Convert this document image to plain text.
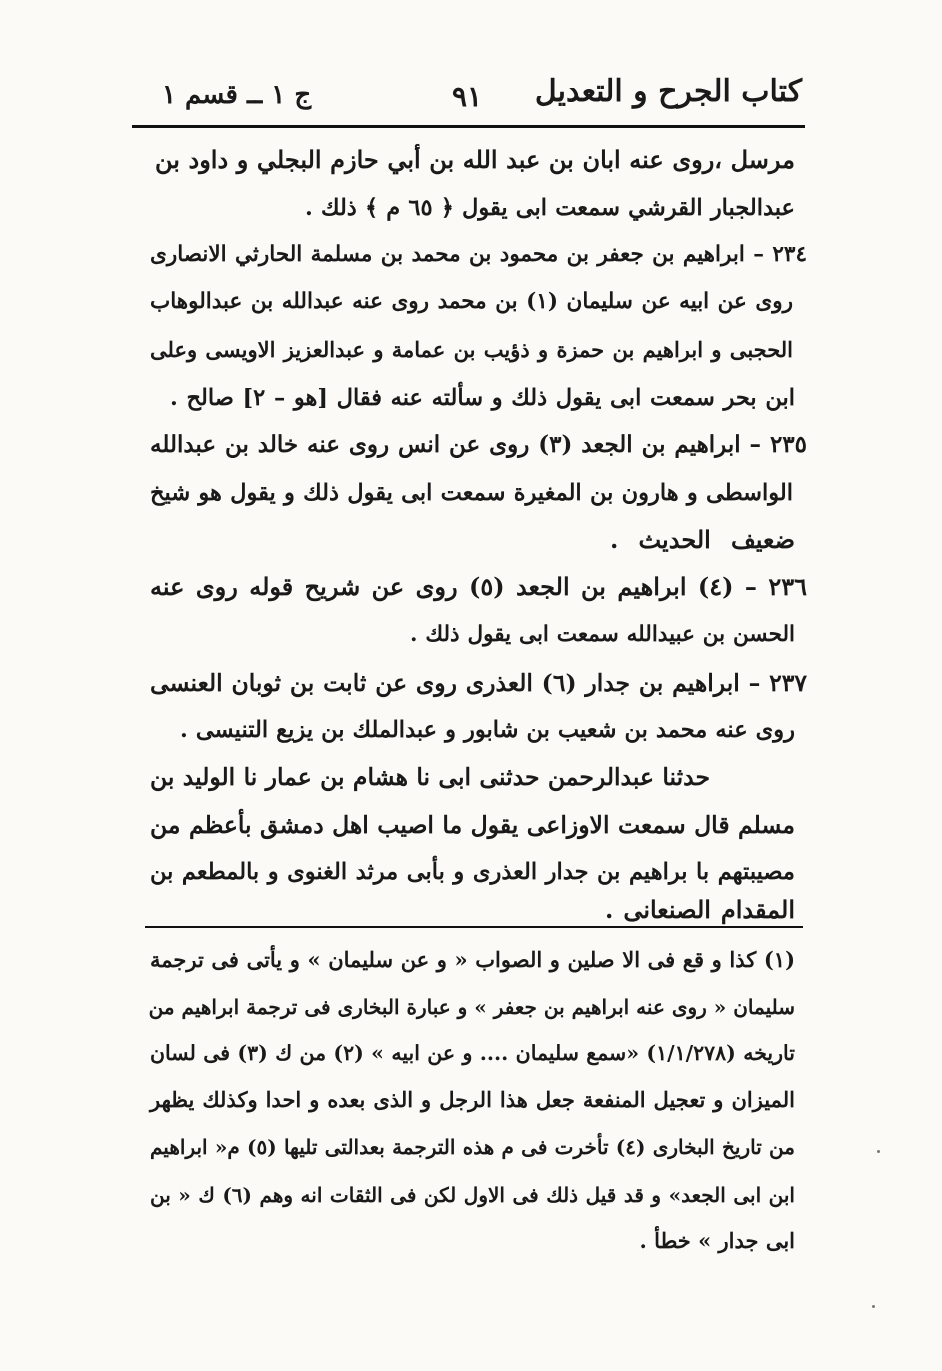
كتاب الجرح و التعديل
٩١
ج ١ ــ قسم ١
مرسل ،روى عنه ابان بن عبد الله بن أبي حازم البجلي و داود بن
عبدالجبار القرشي سمعت ابى يقول ﴿ ٦٥ م ﴾ ذلك .
٢٣٤ – ابراهيم بن جعفر بن محمود بن محمد بن مسلمة الحارثي الانصارى
روى عن ابيه عن سليمان (١) بن محمد روى عنه عبدالله بن عبدالوهاب
الحجبى و ابراهيم بن حمزة و ذؤيب بن عمامة و عبدالعزيز الاويسى وعلى
ابن بحر سمعت ابى يقول ذلك و سألته عنه فقال [هو – ٢] صالح .
٢٣٥ – ابراهيم بن الجعد (٣) روى عن انس روى عنه خالد بن عبدالله
الواسطى و هارون بن المغيرة سمعت ابى يقول ذلك و يقول هو شيخ
ضعيف الحديث .
٢٣٦ – (٤) ابراهيم بن الجعد (٥) روى عن شريح قوله روى عنه
الحسن بن عبيدالله سمعت ابى يقول ذلك .
٢٣٧ – ابراهيم بن جدار (٦) العذرى روى عن ثابت بن ثوبان العنسى
روى عنه محمد بن شعيب بن شابور و عبدالملك بن يزيع التنيسى .
حدثنا عبدالرحمن حدثنى ابى نا هشام بن عمار نا الوليد بن
مسلم قال سمعت الاوزاعى يقول ما اصيب اهل دمشق بأعظم من
مصيبتهم با براهيم بن جدار العذرى و بأبى مرثد الغنوى و بالمطعم بن
المقدام الصنعانى .
(١) كذا و قع فى الا صلين و الصواب « و عن سليمان » و يأتى فى ترجمة
سليمان « روى عنه ابراهيم بن جعفر » و عبارة البخارى فى ترجمة ابراهيم من
تاريخه (١/١/٢٧٨) «سمع سليمان .... و عن ابيه » (٢) من ك (٣) فى لسان
الميزان و تعجيل المنفعة جعل هذا الرجل و الذى بعده و احدا وكذلك يظهر
من تاريخ البخارى (٤) تأخرت فى م هذه الترجمة بعدالتى تليها (٥) م« ابراهيم
ابن ابى الجعد» و قد قيل ذلك فى الاول لكن فى الثقات انه وهم (٦) ك « بن
ابى جدار » خطأ .
